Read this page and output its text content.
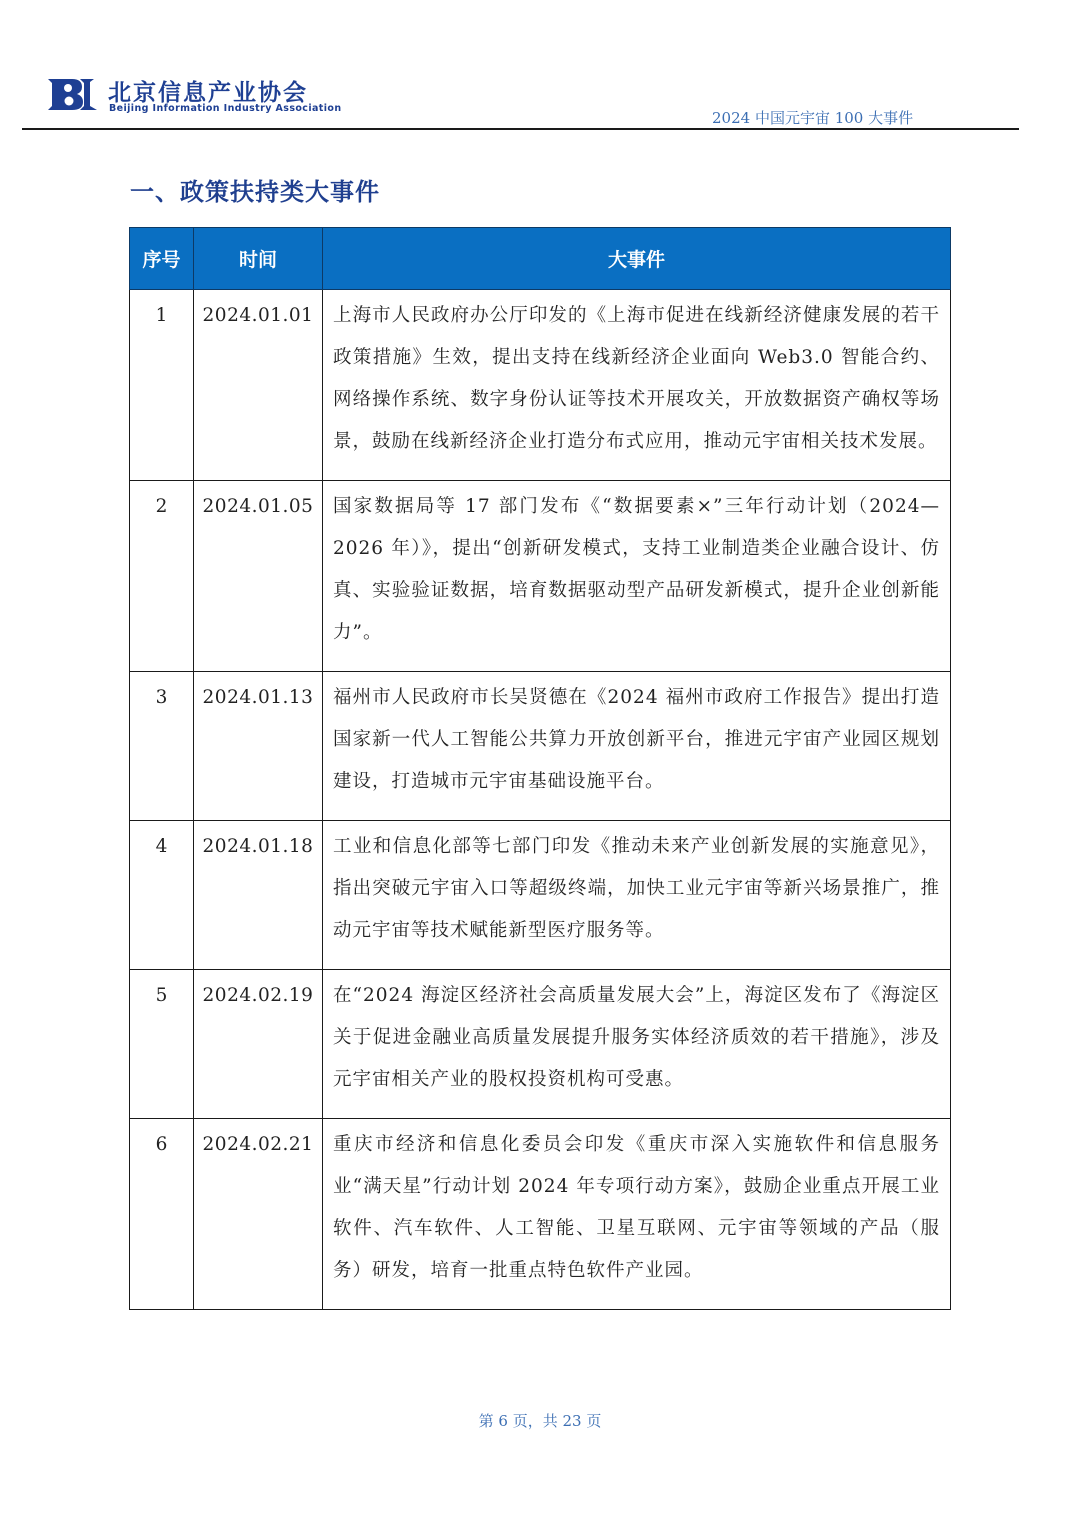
北京信息产业协会
Beijing Information Industry Association
2024 中国元宇宙 100 大事件
一、政策扶持类大事件
序号	时间	大事件
1	2024.01.01	上海市人民政府办公厅印发的《上海市促进在线新经济健康发展的若干政策措施》生效，提出支持在线新经济企业面向 Web3.0 智能合约、网络操作系统、数字身份认证等技术开展攻关，开放数据资产确权等场景，鼓励在线新经济企业打造分布式应用，推动元宇宙相关技术发展。
2	2024.01.05	国家数据局等 17 部门发布《“数据要素×”三年行动计划（2024—2026 年）》，提出“创新研发模式，支持工业制造类企业融合设计、仿真、实验验证数据，培育数据驱动型产品研发新模式，提升企业创新能力”。
3	2024.01.13	福州市人民政府市长吴贤德在《2024 福州市政府工作报告》提出打造国家新一代人工智能公共算力开放创新平台，推进元宇宙产业园区规划建设，打造城市元宇宙基础设施平台。
4	2024.01.18	工业和信息化部等七部门印发《推动未来产业创新发展的实施意见》，指出突破元宇宙入口等超级终端，加快工业元宇宙等新兴场景推广，推动元宇宙等技术赋能新型医疗服务等。
5	2024.02.19	在“2024 海淀区经济社会高质量发展大会”上，海淀区发布了《海淀区关于促进金融业高质量发展提升服务实体经济质效的若干措施》，涉及元宇宙相关产业的股权投资机构可受惠。
6	2024.02.21	重庆市经济和信息化委员会印发《重庆市深入实施软件和信息服务业“满天星”行动计划 2024 年专项行动方案》，鼓励企业重点开展工业软件、汽车软件、人工智能、卫星互联网、元宇宙等领域的产品（服务）研发，培育一批重点特色软件产业园。
第 6 页，共 23 页
